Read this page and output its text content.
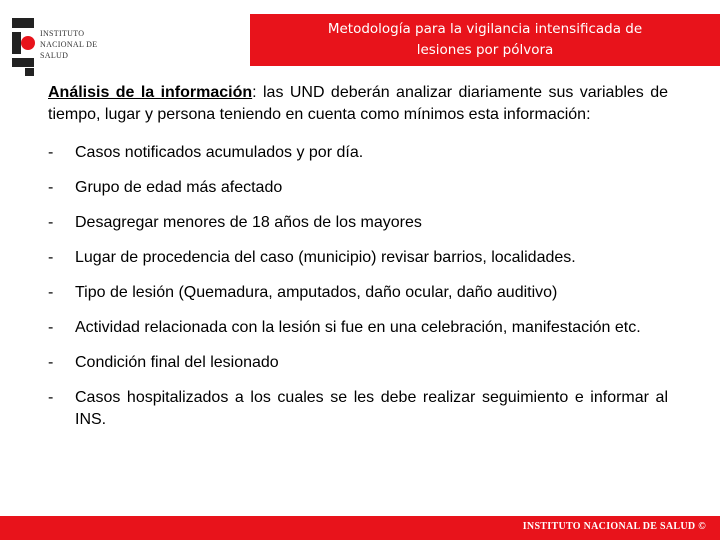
INSTITUTO
NACIONAL DE
SALUD
Metodología para la vigilancia intensificada de
lesiones por pólvora

Análisis de la información: las UND deberán analizar diariamente sus variables de tiempo, lugar y persona teniendo en cuenta como mínimos esta información:

- Casos notificados acumulados y por día.
- Grupo de edad más afectado
- Desagregar menores de 18 años de los mayores
- Lugar de procedencia del caso (municipio) revisar barrios, localidades.
- Tipo de lesión (Quemadura, amputados, daño ocular, daño auditivo)
- Actividad relacionada con la lesión si fue en una celebración, manifestación etc.
- Condición final del lesionado
- Casos hospitalizados a los cuales se les debe realizar seguimiento e informar al INS.
INSTITUTO NACIONAL DE SALUD ©
